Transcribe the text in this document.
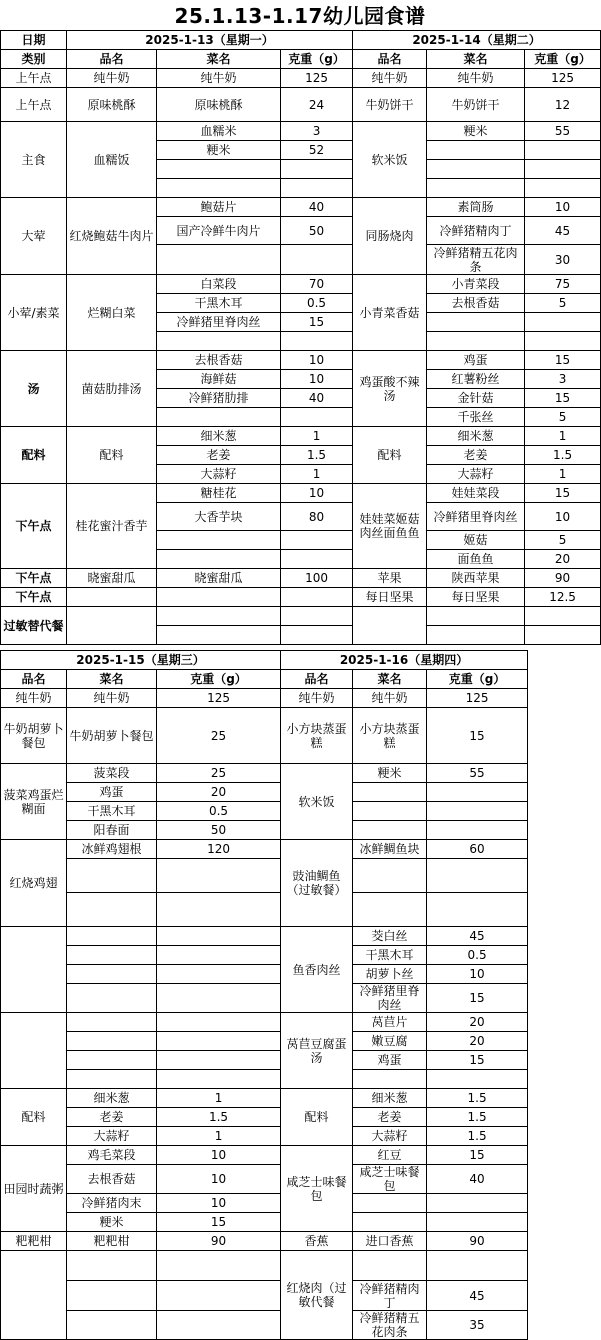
25.1.13-1.17幼儿园食谱
日期	2025-1-13（星期一）			2025-1-14（星期二）		
类别	品名	菜名	克重（g）	品名	菜名	克重（g）
上午点	纯牛奶	纯牛奶	125	纯牛奶	纯牛奶	125
上午点	原味桃酥	原味桃酥	24	牛奶饼干	牛奶饼干	12
主食	血糯饭	血糯米	3	软米饭	粳米	55
		粳米	52			

大荤	红烧鲍菇牛肉片	鲍菇片	40	同肠烧肉	素筒肠	10
		国产冷鲜牛肉片	50		冷鲜猪精肉丁	45
					冷鲜猪精五花肉条	30
小荤/素菜	烂糊白菜	白菜段	70	小青菜香菇	小青菜段	75
		干黑木耳	0.5		去根香菇	5
		冷鲜猪里脊肉丝	15			

汤	菌菇肋排汤	去根香菇	10	鸡蛋酸不辣汤	鸡蛋	15
		海鲜菇	10		红薯粉丝	3
		冷鲜猪肋排	40		金针菇	15
					千张丝	5
配料	配料	细米葱	1	配料	细米葱	1
		老姜	1.5		老姜	1.5
		大蒜籽	1		大蒜籽	1
下午点	桂花蜜汁香芋	糖桂花	10	娃娃菜姬菇肉丝面鱼鱼	娃娃菜段	15
		大香芋块	80		冷鲜猪里脊肉丝	10
					姬菇	5
					面鱼鱼	20
下午点	晓蜜甜瓜	晓蜜甜瓜	100	苹果	陕西苹果	90
下午点				每日坚果	每日坚果	12.5
过敏替代餐						

2025-1-15（星期三）			2025-1-16（星期四）		
品名	菜名	克重（g）	品名	菜名	克重（g）
纯牛奶	纯牛奶	125	纯牛奶	纯牛奶	125
牛奶胡萝卜餐包	牛奶胡萝卜餐包	25	小方块蒸蛋糕	小方块蒸蛋糕	15
菠菜鸡蛋烂糊面	菠菜段	25	软米饭	粳米	55
	鸡蛋	20			
	干黑木耳	0.5			
	阳春面	50			
红烧鸡翅	冰鲜鸡翅根	120	豉油鲷鱼（过敏餐）	冰鲜鲷鱼块	60

			鱼香肉丝	茭白丝	45
				干黑木耳	0.5
				胡萝卜丝	10
				冷鲜猪里脊肉丝	15
			莴苣豆腐蛋汤	莴苣片	20
				嫩豆腐	20
				鸡蛋	15

配料	细米葱	1	配料	细米葱	1.5
	老姜	1.5		老姜	1.5
	大蒜籽	1		大蒜籽	1.5
田园时蔬粥	鸡毛菜段	10	咸芝士味餐包	红豆	15
	去根香菇	10		咸芝士味餐包	40
	冷鲜猪肉末	10			
	粳米	15			
粑粑柑	粑粑柑	90	香蕉	进口香蕉	90
			红烧肉（过敏代餐		
				冷鲜猪精肉丁	45
				冷鲜猪精五花肉条	35
